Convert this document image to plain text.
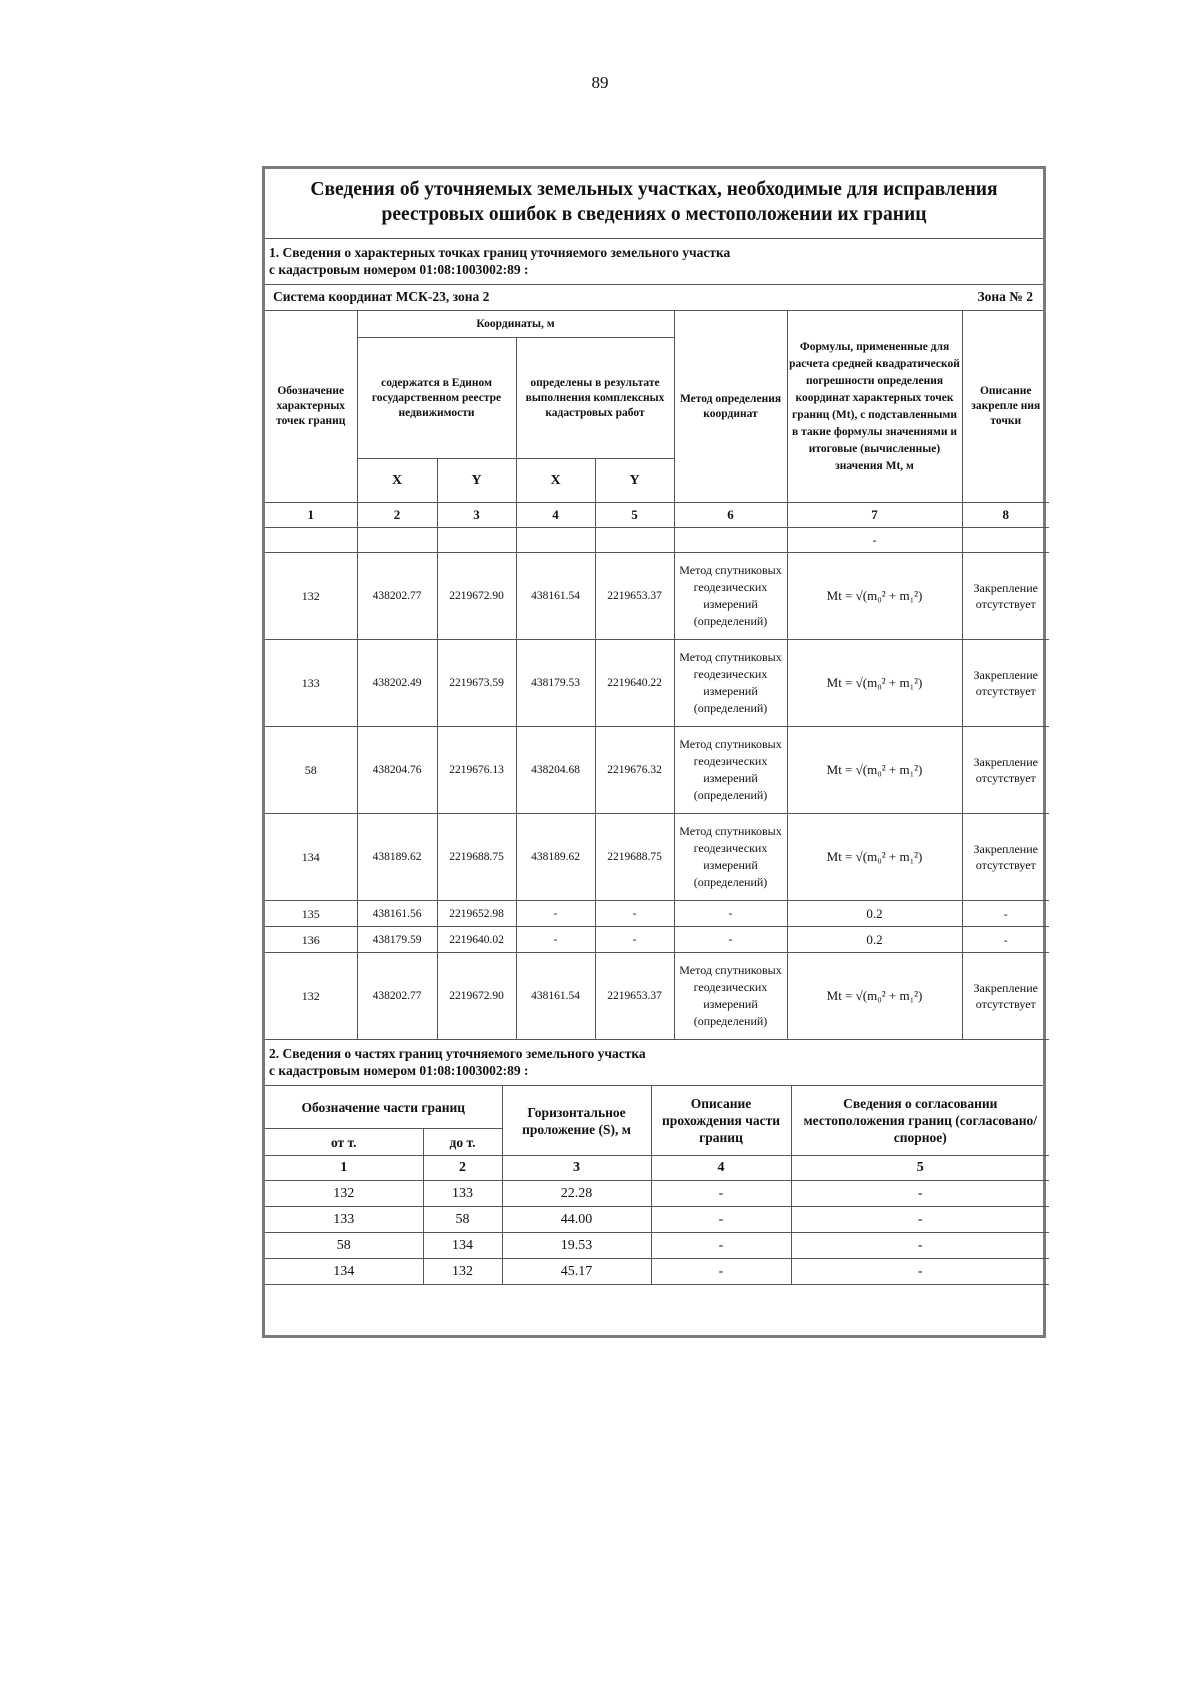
89
Сведения об уточняемых земельных участках, необходимые для исправления
реестровых ошибок в сведениях о местоположении их границ
1. Сведения о характерных точках границ уточняемого земельного участка
с кадастровым номером 01:08:1003002:89 :
Система координат МСК-23, зона 2	Зона № 2
Обозначение характерных точек границ	Координаты, м				Метод определения координат	Формулы, примененные для расчета средней квадратической погрешности определения координат характерных точек границ (Mt), с подставленными в такие формулы значениями и итоговые (вычисленные) значения Mt, м	Описание закрепле ния точки
	содержатся в Едином государственном реестре недвижимости		определены в результате выполнения комплексных кадастровых работ				
	X	Y	X	Y			
1	2	3	4	5	6	7	8
						-	
132	438202.77	2219672.90	438161.54	2219653.37	Метод спутниковых геодезических измерений (определений)	Mt = √(m₀² + m₁²)	Закрепление отсутствует
133	438202.49	2219673.59	438179.53	2219640.22	Метод спутниковых геодезических измерений (определений)	Mt = √(m₀² + m₁²)	Закрепление отсутствует
58	438204.76	2219676.13	438204.68	2219676.32	Метод спутниковых геодезических измерений (определений)	Mt = √(m₀² + m₁²)	Закрепление отсутствует
134	438189.62	2219688.75	438189.62	2219688.75	Метод спутниковых геодезических измерений (определений)	Mt = √(m₀² + m₁²)	Закрепление отсутствует
135	438161.56	2219652.98	-	-	-	0.2	-
136	438179.59	2219640.02	-	-	-	0.2	-
132	438202.77	2219672.90	438161.54	2219653.37	Метод спутниковых геодезических измерений (определений)	Mt = √(m₀² + m₁²)	Закрепление отсутствует
2. Сведения о частях границ уточняемого земельного участка
с кадастровым номером 01:08:1003002:89 :
Обозначение части границ		Горизонтальное проложение (S), м	Описание прохождения части границ	Сведения о согласовании местоположения границ (согласовано/спорное)
от т.	до т.			
1	2	3	4	5
132	133	22.28	-	-
133	58	44.00	-	-
58	134	19.53	-	-
134	132	45.17	-	-
